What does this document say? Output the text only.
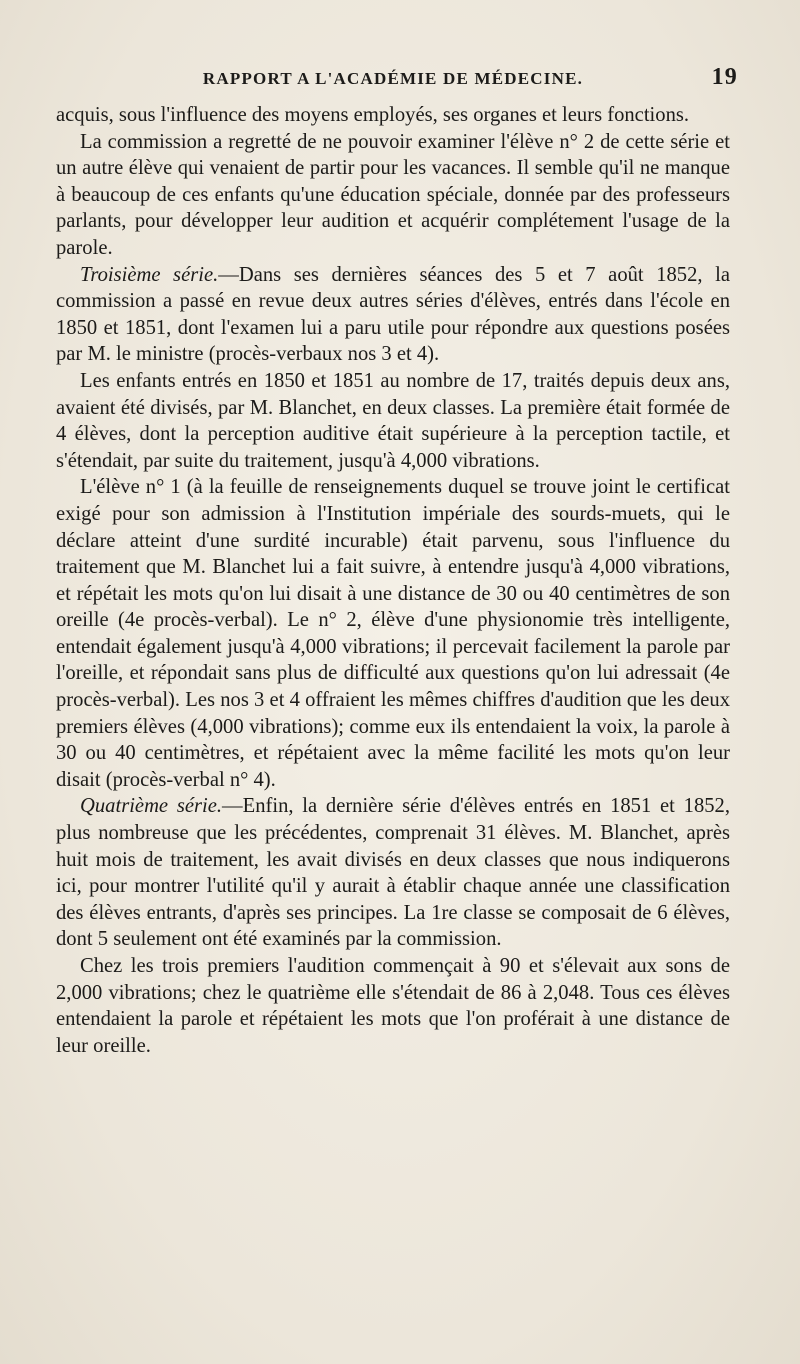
RAPPORT A L'ACADÉMIE DE MÉDECINE.	19

acquis, sous l'influence des moyens employés, ses organes et leurs fonctions.

La commission a regretté de ne pouvoir examiner l'élève n° 2 de cette série et un autre élève qui venaient de partir pour les vacances. Il semble qu'il ne manque à beaucoup de ces enfants qu'une éducation spéciale, donnée par des professeurs parlants, pour développer leur audition et acquérir complétement l'usage de la parole.

Troisième série.—Dans ses dernières séances des 5 et 7 août 1852, la commission a passé en revue deux autres séries d'élèves, entrés dans l'école en 1850 et 1851, dont l'examen lui a paru utile pour répondre aux questions posées par M. le ministre (procès-verbaux nos 3 et 4).

Les enfants entrés en 1850 et 1851 au nombre de 17, traités depuis deux ans, avaient été divisés, par M. Blanchet, en deux classes. La première était formée de 4 élèves, dont la perception auditive était supérieure à la perception tactile, et s'étendait, par suite du traitement, jusqu'à 4,000 vibrations.

L'élève n° 1 (à la feuille de renseignements duquel se trouve joint le certificat exigé pour son admission à l'Institution impériale des sourds-muets, qui le déclare atteint d'une surdité incurable) était parvenu, sous l'influence du traitement que M. Blanchet lui a fait suivre, à entendre jusqu'à 4,000 vibrations, et répétait les mots qu'on lui disait à une distance de 30 ou 40 centimètres de son oreille (4e procès-verbal). Le n° 2, élève d'une physionomie très intelligente, entendait également jusqu'à 4,000 vibrations; il percevait facilement la parole par l'oreille, et répondait sans plus de difficulté aux questions qu'on lui adressait (4e procès-verbal). Les nos 3 et 4 offraient les mêmes chiffres d'audition que les deux premiers élèves (4,000 vibrations); comme eux ils entendaient la voix, la parole à 30 ou 40 centimètres, et répétaient avec la même facilité les mots qu'on leur disait (procès-verbal n° 4).

Quatrième série.—Enfin, la dernière série d'élèves entrés en 1851 et 1852, plus nombreuse que les précédentes, comprenait 31 élèves. M. Blanchet, après huit mois de traitement, les avait divisés en deux classes que nous indiquerons ici, pour montrer l'utilité qu'il y aurait à établir chaque année une classification des élèves entrants, d'après ses principes. La 1re classe se composait de 6 élèves, dont 5 seulement ont été examinés par la commission.

Chez les trois premiers l'audition commençait à 90 et s'élevait aux sons de 2,000 vibrations; chez le quatrième elle s'étendait de 86 à 2,048. Tous ces élèves entendaient la parole et répétaient les mots que l'on proférait à une distance de leur oreille.
